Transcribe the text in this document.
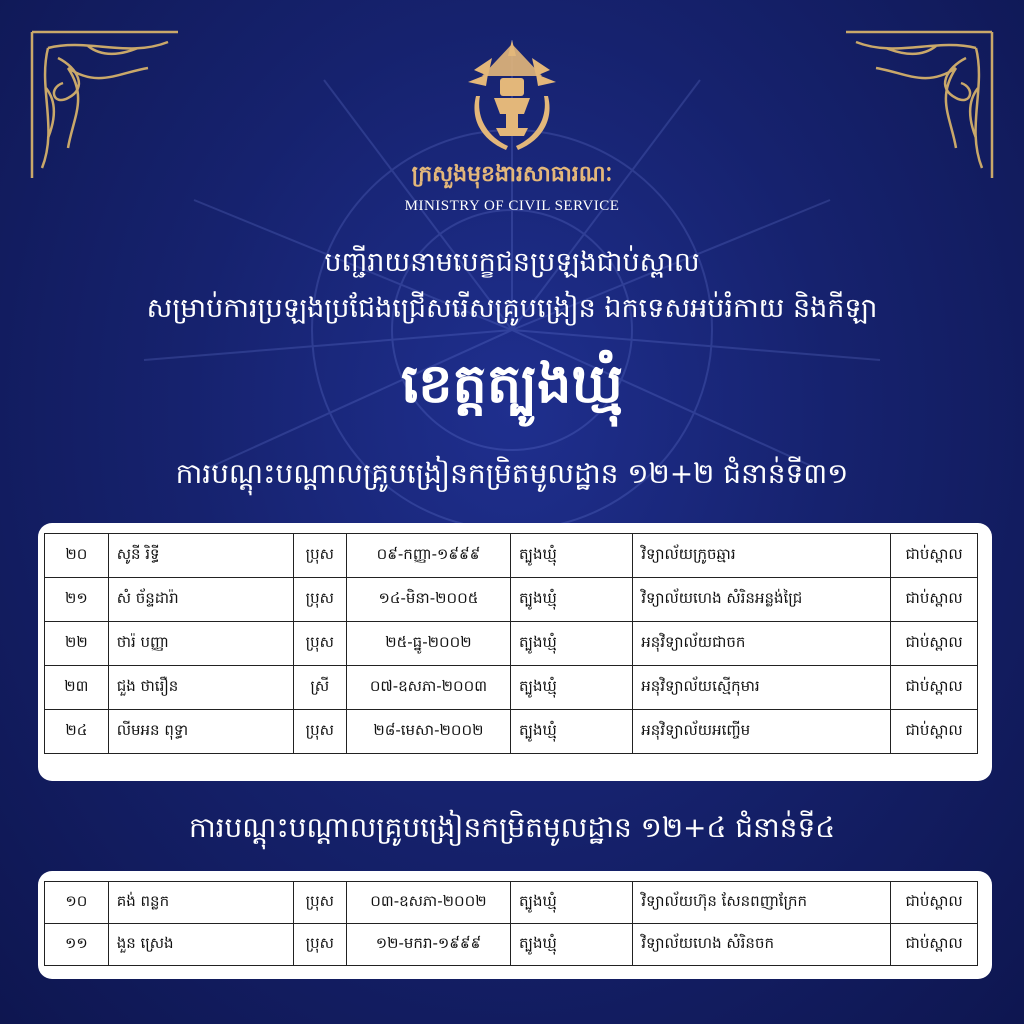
ក្រសួងមុខងារសាធារណៈ
MINISTRY OF CIVIL SERVICE
បញ្ជីរាយនាមបេក្ខជនប្រឡងជាប់ស្ពាល
សម្រាប់ការប្រឡងប្រជែងជ្រើសរើសគ្រូបង្រៀន ឯកទេសអប់រំកាយ និងកីឡា
ខេត្តត្បូងឃ្មុំ
ការបណ្តុះបណ្តាលគ្រូបង្រៀនកម្រិតមូលដ្ឋាន ១២+២ ជំនាន់ទី៣១
២០	សូនី រិទ្ធី	ប្រុស	០៩-កញ្ញា-១៩៩៩	ត្បូងឃ្មុំ	វិទ្យាល័យក្រូចឆ្មារ	ជាប់ស្ពាល
២១	សំ ច័ន្ទដារ៉ា	ប្រុស	១៤-មិនា-២០០៥	ត្បូងឃ្មុំ	វិទ្យាល័យហេង សំរិនអន្លង់ជ្រៃ	ជាប់ស្ពាល
២២	ថារ៉ បញ្ញា	ប្រុស	២៥-ធ្នូ-២០០២	ត្បូងឃ្មុំ	អនុវិទ្យាល័យជាចក	ជាប់ស្ពាល
២៣	ជួង ថារឿន	ស្រី	០៧-ឧសភា-២០០៣	ត្បូងឃ្មុំ	អនុវិទ្យាល័យស្មើកុមារ	ជាប់ស្ពាល
២៤	លីមអន ពុទ្ធា	ប្រុស	២៨-មេសា-២០០២	ត្បូងឃ្មុំ	អនុវិទ្យាល័យអញ្ចើម	ជាប់ស្ពាល
ការបណ្តុះបណ្តាលគ្រូបង្រៀនកម្រិតមូលដ្ឋាន ១២+៤ ជំនាន់ទី៤
១០	គង់ ពន្លក	ប្រុស	០៣-ឧសភា-២០០២	ត្បូងឃ្មុំ	វិទ្យាល័យហ៊ុន សែនពញាក្រែក	ជាប់ស្ពាល
១១	ងួន ស្រេង	ប្រុស	១២-មករា-១៩៩៩	ត្បូងឃ្មុំ	វិទ្យាល័យហេង សំរិនចក	ជាប់ស្ពាល
